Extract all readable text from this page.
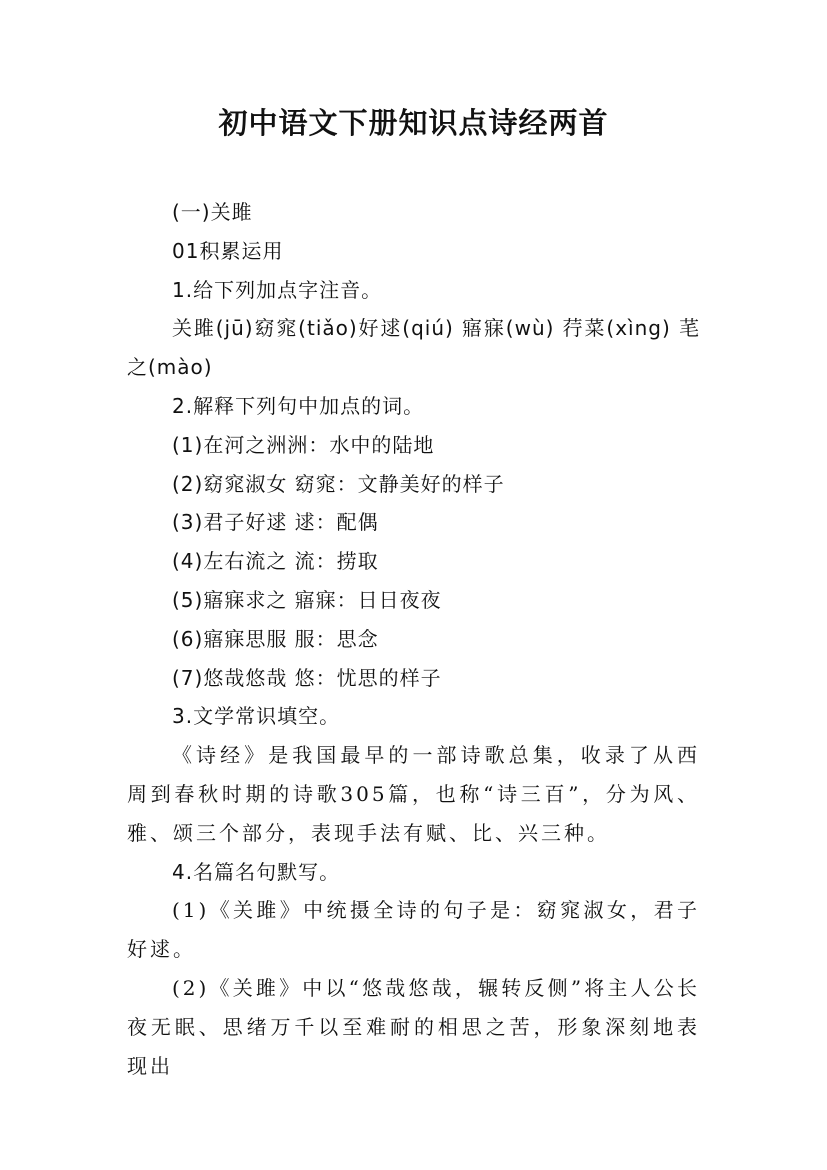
初中语文下册知识点诗经两首

(一)关雎

01积累运用

1.给下列加点字注音。

关雎(jū)窈窕(tiǎo)好逑(qiú) 寤寐(wù) 荇菜(xìng) 芼之(mào)

2.解释下列句中加点的词。

(1)在河之洲洲：水中的陆地

(2)窈窕淑女 窈窕：文静美好的样子

(3)君子好逑 逑：配偶

(4)左右流之 流：捞取

(5)寤寐求之 寤寐：日日夜夜

(6)寤寐思服 服：思念

(7)悠哉悠哉 悠：忧思的样子

3.文学常识填空。

《诗经》是我国最早的一部诗歌总集，收录了从西周到春秋时期的诗歌305篇，也称“诗三百”，分为风、雅、颂三个部分，表现手法有赋、比、兴三种。

4.名篇名句默写。

(1)《关雎》中统摄全诗的句子是：窈窕淑女，君子好逑。

(2)《关雎》中以“悠哉悠哉，辗转反侧”将主人公长夜无眠、思绪万千以至难耐的相思之苦，形象深刻地表现出
